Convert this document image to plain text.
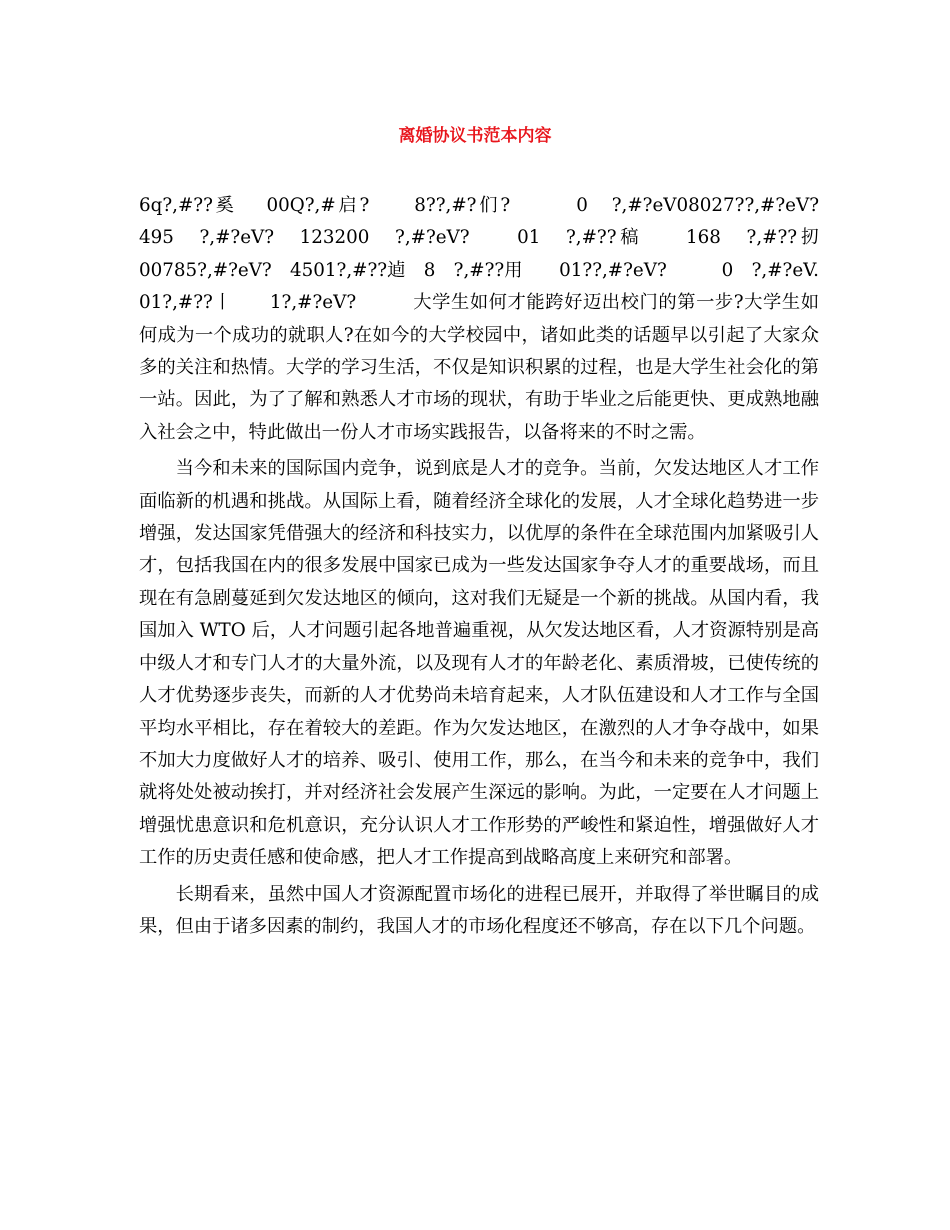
离婚协议书范本内容

6q?,#??奚　 00Q?,#启?　　8??,#?们?　　　0　?,#?eV08027??,#?eV?　495　?,#?eV?　123200　?,#?eV?　　01　?,#??稿　　168　?,#??扨　　　00785?,#?eV?　4501?,#??逌　8　?,#??用　　01??,#?eV?　　　0　?,#?eV.　01?,#??丨　　1?,#?eV?　　　大学生如何才能跨好迈出校门的第一步?大学生如何成为一个成功的就职人?在如今的大学校园中，诸如此类的话题早以引起了大家众多的关注和热情。大学的学习生活，不仅是知识积累的过程，也是大学生社会化的第一站。因此，为了了解和熟悉人才市场的现状，有助于毕业之后能更快、更成熟地融入社会之中，特此做出一份人才市场实践报告，以备将来的不时之需。

当今和未来的国际国内竞争，说到底是人才的竞争。当前，欠发达地区人才工作面临新的机遇和挑战。从国际上看，随着经济全球化的发展，人才全球化趋势进一步增强，发达国家凭借强大的经济和科技实力，以优厚的条件在全球范围内加紧吸引人才，包括我国在内的很多发展中国家已成为一些发达国家争夺人才的重要战场，而且现在有急剧蔓延到欠发达地区的倾向，这对我们无疑是一个新的挑战。从国内看，我国加入 WTO 后，人才问题引起各地普遍重视，从欠发达地区看，人才资源特别是高中级人才和专门人才的大量外流，以及现有人才的年龄老化、素质滑坡，已使传统的人才优势逐步丧失，而新的人才优势尚未培育起来，人才队伍建设和人才工作与全国平均水平相比，存在着较大的差距。作为欠发达地区，在激烈的人才争夺战中，如果不加大力度做好人才的培养、吸引、使用工作，那么，在当今和未来的竞争中，我们就将处处被动挨打，并对经济社会发展产生深远的影响。为此，一定要在人才问题上增强忧患意识和危机意识，充分认识人才工作形势的严峻性和紧迫性，增强做好人才工作的历史责任感和使命感，把人才工作提高到战略高度上来研究和部署。

长期看来，虽然中国人才资源配置市场化的进程已展开，并取得了举世瞩目的成果，但由于诸多因素的制约，我国人才的市场化程度还不够高，存在以下几个问题。
